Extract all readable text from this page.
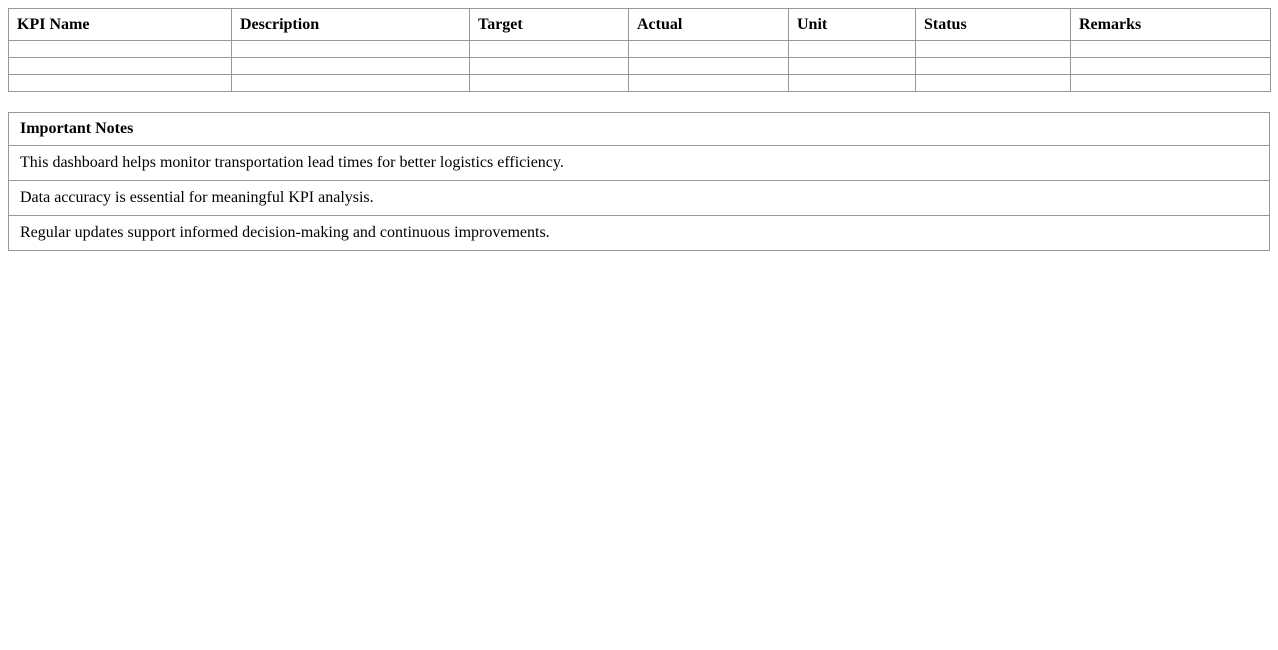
KPI Name	Description	Target	Actual	Unit	Status	Remarks

Important Notes
This dashboard helps monitor transportation lead times for better logistics efficiency.
Data accuracy is essential for meaningful KPI analysis.
Regular updates support informed decision-making and continuous improvements.
